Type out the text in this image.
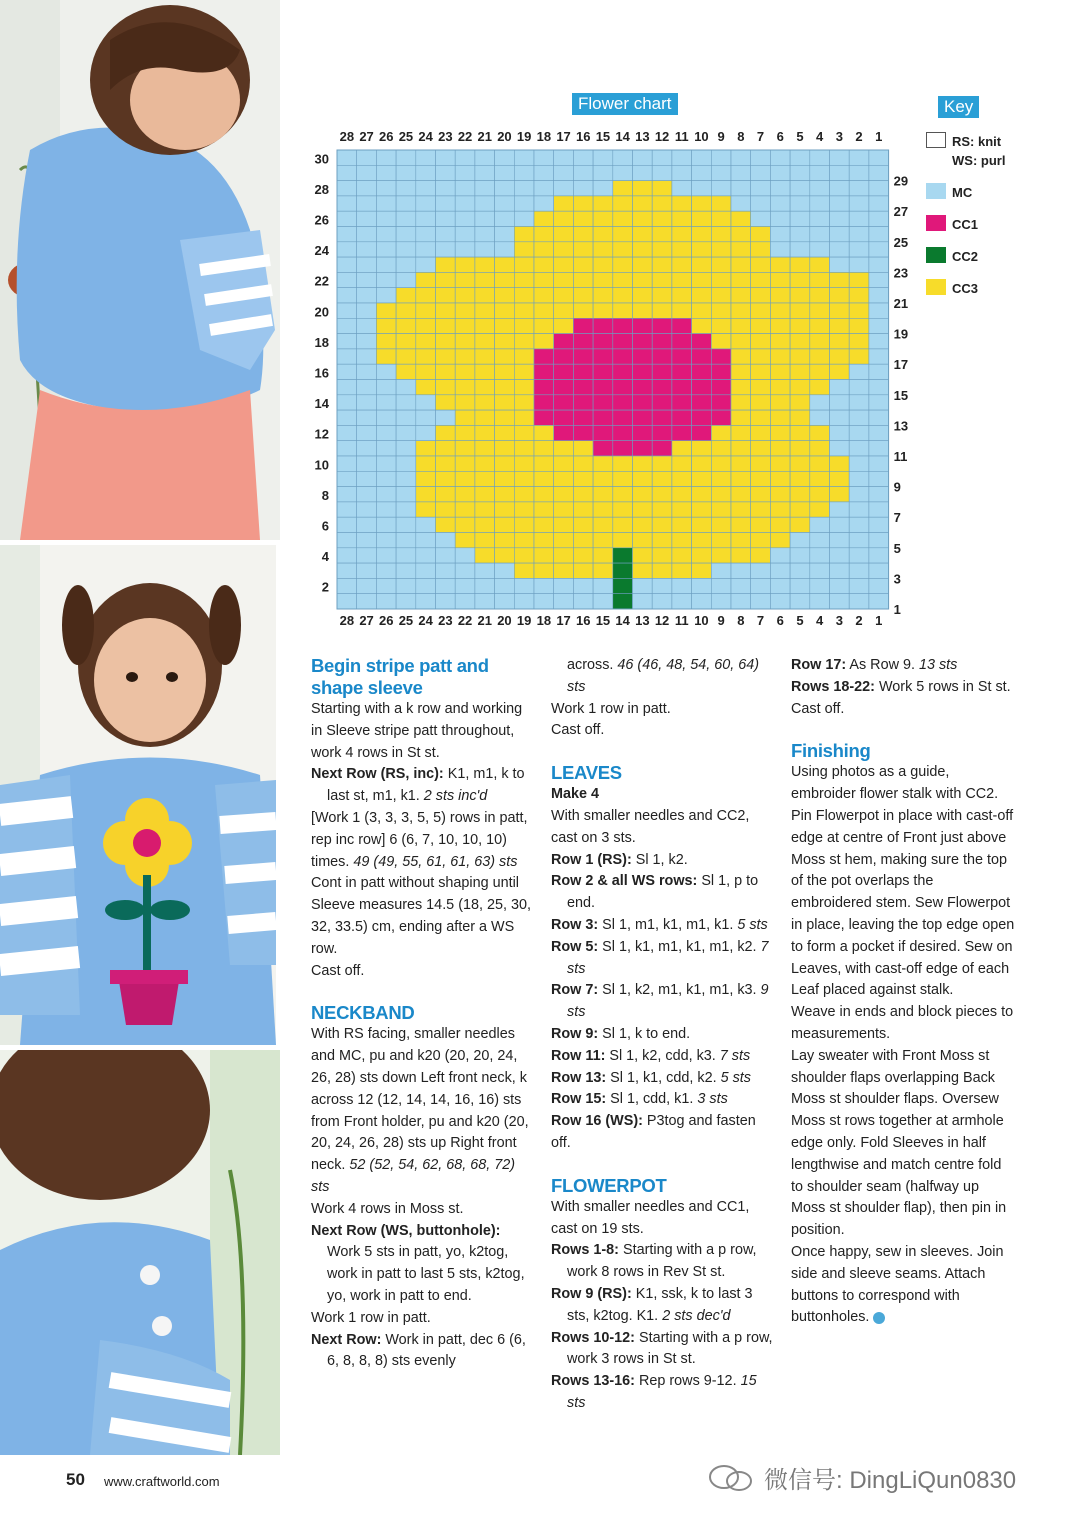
Flower chart	Key
28
28
27
27
26
26
25
25
24
24
23
23
22
22
21
21
20
20
19
19
18
18
17
17
16
16
15
15
14
14
13
13
12
12
11
11
10
10
9
9
8
8
7
7
6
6
5
5
4
4
3
3
2
2
1
1
30
28
26
24
22
20
18
16
14
12
10
8
6
4
2
29
27
25
23
21
19
17
15
13
11
9
7
5
3
1
RS: knit
WS: purl
MC
CC1
CC2
CC3
Begin stripe patt and shape sleeve

Starting with a k row and working in Sleeve stripe patt throughout, work 4 rows in St st.

Next Row (RS, inc): K1, m1, k to last st, m1, k1. 2 sts inc'd

[Work 1 (3, 3, 3, 5, 5) rows in patt, rep inc row] 6 (6, 7, 10, 10, 10) times. 49 (49, 55, 61, 61, 63) sts

Cont in patt without shaping until Sleeve measures 14.5 (18, 25, 30, 32, 33.5) cm, ending after a WS row.

Cast off.

NECKBAND

With RS facing, smaller needles and MC, pu and k20 (20, 20, 24, 26, 28) sts down Left front neck, k across 12 (12, 14, 14, 16, 16) sts from Front holder, pu and k20 (20, 20, 24, 26, 28) sts up Right front neck. 52 (52, 54, 62, 68, 68, 72) sts

Work 4 rows in Moss st.

Next Row (WS, buttonhole):

Work 5 sts in patt, yo, k2tog, work in patt to last 5 sts, k2tog, yo, work in patt to end.

Work 1 row in patt.

Next Row: Work in patt, dec 6 (6, 6, 8, 8, 8) sts evenly

across. 46 (46, 48, 54, 60, 64) sts

Work 1 row in patt.

Cast off.

LEAVES

Make 4

With smaller needles and CC2, cast on 3 sts.

Row 1 (RS): Sl 1, k2.

Row 2 & all WS rows: Sl 1, p to end.

Row 3: Sl 1, m1, k1, m1, k1. 5 sts

Row 5: Sl 1, k1, m1, k1, m1, k2. 7 sts

Row 7: Sl 1, k2, m1, k1, m1, k3. 9 sts

Row 9: Sl 1, k to end.

Row 11: Sl 1, k2, cdd, k3. 7 sts

Row 13: Sl 1, k1, cdd, k2. 5 sts

Row 15: Sl 1, cdd, k1. 3 sts

Row 16 (WS): P3tog and fasten off.

FLOWERPOT

With smaller needles and CC1, cast on 19 sts.

Rows 1-8: Starting with a p row, work 8 rows in Rev St st.

Row 9 (RS): K1, ssk, k to last 3 sts, k2tog. K1. 2 sts dec'd

Rows 10-12: Starting with a p row, work 3 rows in St st.

Rows 13-16: Rep rows 9-12. 15 sts

Row 17: As Row 9. 13 sts

Rows 18-22: Work 5 rows in St st.

Cast off.

Finishing

Using photos as a guide, embroider flower stalk with CC2. Pin Flowerpot in place with cast-off edge at centre of Front just above Moss st hem, making sure the top of the pot overlaps the embroidered stem. Sew Flowerpot in place, leaving the top edge open to form a pocket if desired. Sew on Leaves, with cast-off edge of each Leaf placed against stalk.

Weave in ends and block pieces to measurements.

Lay sweater with Front Moss st shoulder flaps overlapping Back Moss st shoulder flaps. Oversew Moss st rows together at armhole edge only. Fold Sleeves in half lengthwise and match centre fold to shoulder seam (halfway up Moss st shoulder flap), then pin in position.

Once happy, sew in sleeves. Join side and sleeve seams. Attach buttons to correspond with buttonholes.

50 www.craftworld.com	微信号: DingLiQun0830
